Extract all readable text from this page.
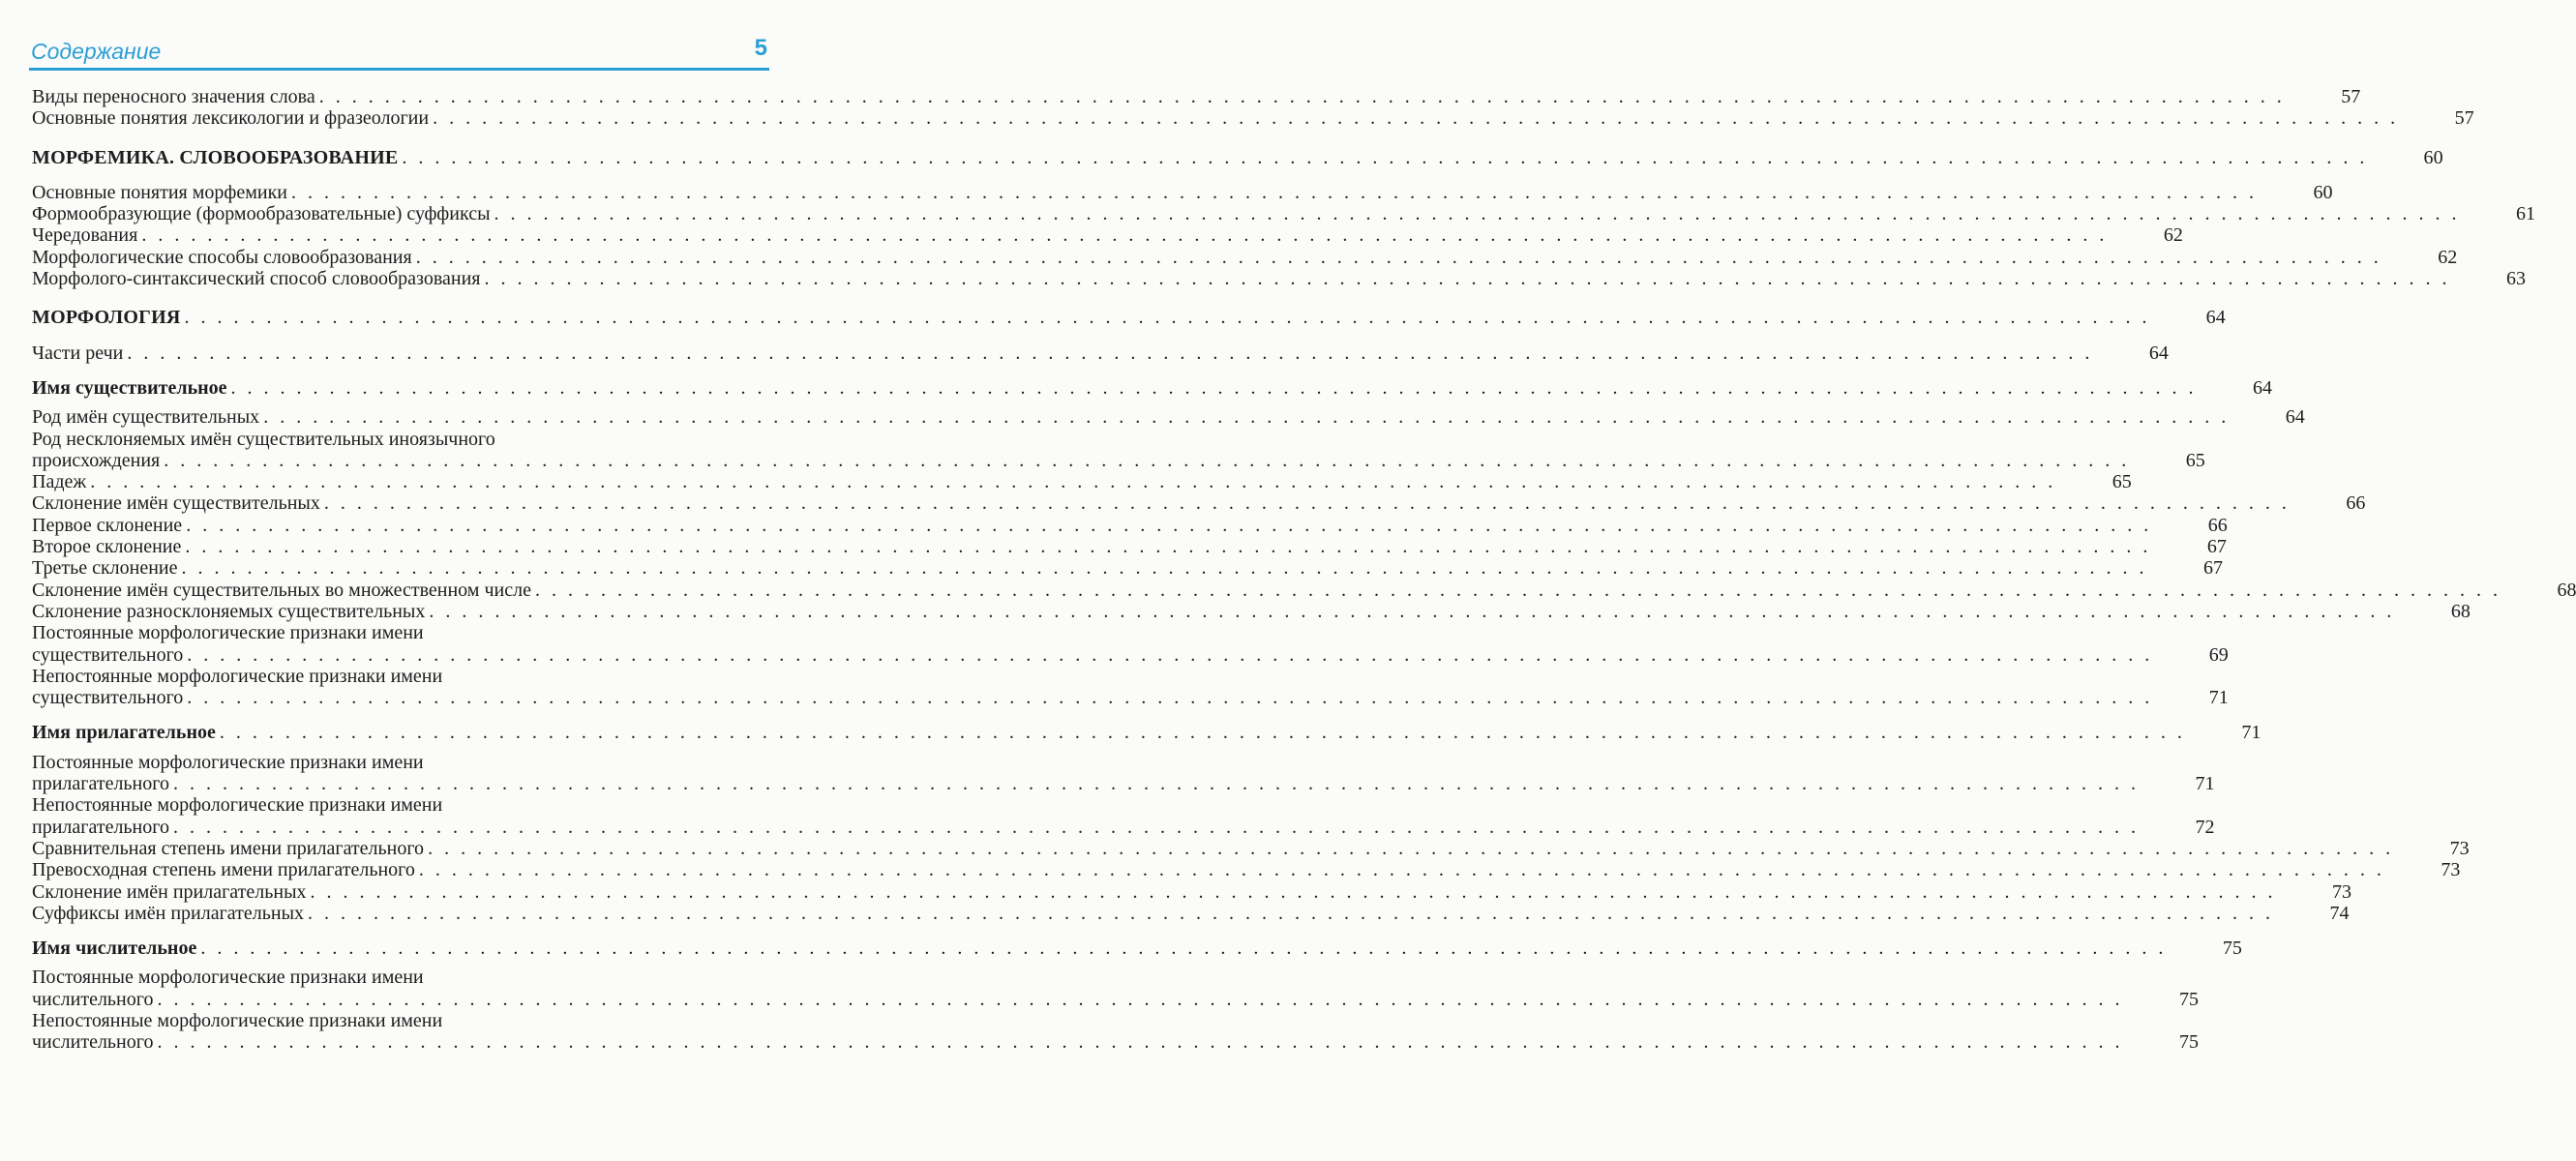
Содержание	5
Виды переносного значения слова . . . . . . . . . . . . . . . . . . . . . . . . . . . . . . . . . . . . . . . . . . . . . . . . . . . . . . . . . . . . . . . . . . . . . . . . . . . . . . . . . . . . . . . . . . . . . . . . . . . . . . . . . . . . . . . . . . . . . . . .	57
Основные понятия лексикологии и фразеологии . . . . . . . . . . . . . . . . . . . . . . . . . . . . . . . . . . . . . . . . . . . . . . . . . . . . . . . . . . . . . . . . . . . . . . . . . . . . . . . . . . . . . . . . . . . . . . . . . . . . . . . . . . . . . . . . . . . . . . . .	57
МОРФЕМИКА. СЛОВООБРАЗОВАНИЕ . . . . . . . . . . . . . . . . . . . . . . . . . . . . . . . . . . . . . . . . . . . . . . . . . . . . . . . . . . . . . . . . . . . . . . . . . . . . . . . . . . . . . . . . . . . . . . . . . . . . . . . . . . . . . . . . . . . . . . . .	60
Основные понятия морфемики . . . . . . . . . . . . . . . . . . . . . . . . . . . . . . . . . . . . . . . . . . . . . . . . . . . . . . . . . . . . . . . . . . . . . . . . . . . . . . . . . . . . . . . . . . . . . . . . . . . . . . . . . . . . . . . . . . . . . . . .	60
Формообразующие (формообразовательные) суффиксы . . . . . . . . . . . . . . . . . . . . . . . . . . . . . . . . . . . . . . . . . . . . . . . . . . . . . . . . . . . . . . . . . . . . . . . . . . . . . . . . . . . . . . . . . . . . . . . . . . . . . . . . . . . . . . . . . . . . . . . .	61
Чередования . . . . . . . . . . . . . . . . . . . . . . . . . . . . . . . . . . . . . . . . . . . . . . . . . . . . . . . . . . . . . . . . . . . . . . . . . . . . . . . . . . . . . . . . . . . . . . . . . . . . . . . . . . . . . . . . . . . . . . . .	62
Морфологические способы словообразования . . . . . . . . . . . . . . . . . . . . . . . . . . . . . . . . . . . . . . . . . . . . . . . . . . . . . . . . . . . . . . . . . . . . . . . . . . . . . . . . . . . . . . . . . . . . . . . . . . . . . . . . . . . . . . . . . . . . . . . .	62
Морфолого-синтаксический способ словообразования . . . . . . . . . . . . . . . . . . . . . . . . . . . . . . . . . . . . . . . . . . . . . . . . . . . . . . . . . . . . . . . . . . . . . . . . . . . . . . . . . . . . . . . . . . . . . . . . . . . . . . . . . . . . . . . . . . . . . . . .	63
МОРФОЛОГИЯ . . . . . . . . . . . . . . . . . . . . . . . . . . . . . . . . . . . . . . . . . . . . . . . . . . . . . . . . . . . . . . . . . . . . . . . . . . . . . . . . . . . . . . . . . . . . . . . . . . . . . . . . . . . . . . . . . . . . . . . .	64
Части речи . . . . . . . . . . . . . . . . . . . . . . . . . . . . . . . . . . . . . . . . . . . . . . . . . . . . . . . . . . . . . . . . . . . . . . . . . . . . . . . . . . . . . . . . . . . . . . . . . . . . . . . . . . . . . . . . . . . . . . . .	64
Имя существительное . . . . . . . . . . . . . . . . . . . . . . . . . . . . . . . . . . . . . . . . . . . . . . . . . . . . . . . . . . . . . . . . . . . . . . . . . . . . . . . . . . . . . . . . . . . . . . . . . . . . . . . . . . . . . . . . . . . . . . . .	64
Род имён существительных . . . . . . . . . . . . . . . . . . . . . . . . . . . . . . . . . . . . . . . . . . . . . . . . . . . . . . . . . . . . . . . . . . . . . . . . . . . . . . . . . . . . . . . . . . . . . . . . . . . . . . . . . . . . . . . . . . . . . . . .	64
Род несклоняемых имён существительных иноязычного
происхождения . . . . . . . . . . . . . . . . . . . . . . . . . . . . . . . . . . . . . . . . . . . . . . . . . . . . . . . . . . . . . . . . . . . . . . . . . . . . . . . . . . . . . . . . . . . . . . . . . . . . . . . . . . . . . . . . . . . . . . . .	65
Падеж . . . . . . . . . . . . . . . . . . . . . . . . . . . . . . . . . . . . . . . . . . . . . . . . . . . . . . . . . . . . . . . . . . . . . . . . . . . . . . . . . . . . . . . . . . . . . . . . . . . . . . . . . . . . . . . . . . . . . . . .	65
Склонение имён существительных . . . . . . . . . . . . . . . . . . . . . . . . . . . . . . . . . . . . . . . . . . . . . . . . . . . . . . . . . . . . . . . . . . . . . . . . . . . . . . . . . . . . . . . . . . . . . . . . . . . . . . . . . . . . . . . . . . . . . . . .	66
Первое склонение . . . . . . . . . . . . . . . . . . . . . . . . . . . . . . . . . . . . . . . . . . . . . . . . . . . . . . . . . . . . . . . . . . . . . . . . . . . . . . . . . . . . . . . . . . . . . . . . . . . . . . . . . . . . . . . . . . . . . . . .	66
Второе склонение . . . . . . . . . . . . . . . . . . . . . . . . . . . . . . . . . . . . . . . . . . . . . . . . . . . . . . . . . . . . . . . . . . . . . . . . . . . . . . . . . . . . . . . . . . . . . . . . . . . . . . . . . . . . . . . . . . . . . . . .	67
Третье склонение . . . . . . . . . . . . . . . . . . . . . . . . . . . . . . . . . . . . . . . . . . . . . . . . . . . . . . . . . . . . . . . . . . . . . . . . . . . . . . . . . . . . . . . . . . . . . . . . . . . . . . . . . . . . . . . . . . . . . . . .	67
Склонение имён существительных во множественном числе . . . . . . . . . . . . . . . . . . . . . . . . . . . . . . . . . . . . . . . . . . . . . . . . . . . . . . . . . . . . . . . . . . . . . . . . . . . . . . . . . . . . . . . . . . . . . . . . . . . . . . . . . . . . . . . . . . . . . . . .	68
Склонение разносклоняемых существительных . . . . . . . . . . . . . . . . . . . . . . . . . . . . . . . . . . . . . . . . . . . . . . . . . . . . . . . . . . . . . . . . . . . . . . . . . . . . . . . . . . . . . . . . . . . . . . . . . . . . . . . . . . . . . . . . . . . . . . . .	68
Постоянные морфологические признаки имени
существительного . . . . . . . . . . . . . . . . . . . . . . . . . . . . . . . . . . . . . . . . . . . . . . . . . . . . . . . . . . . . . . . . . . . . . . . . . . . . . . . . . . . . . . . . . . . . . . . . . . . . . . . . . . . . . . . . . . . . . . . .	69
Непостоянные морфологические признаки имени
существительного . . . . . . . . . . . . . . . . . . . . . . . . . . . . . . . . . . . . . . . . . . . . . . . . . . . . . . . . . . . . . . . . . . . . . . . . . . . . . . . . . . . . . . . . . . . . . . . . . . . . . . . . . . . . . . . . . . . . . . . .	71
Имя прилагательное . . . . . . . . . . . . . . . . . . . . . . . . . . . . . . . . . . . . . . . . . . . . . . . . . . . . . . . . . . . . . . . . . . . . . . . . . . . . . . . . . . . . . . . . . . . . . . . . . . . . . . . . . . . . . . . . . . . . . . . .	71
Постоянные морфологические признаки имени
прилагательного . . . . . . . . . . . . . . . . . . . . . . . . . . . . . . . . . . . . . . . . . . . . . . . . . . . . . . . . . . . . . . . . . . . . . . . . . . . . . . . . . . . . . . . . . . . . . . . . . . . . . . . . . . . . . . . . . . . . . . . .	71
Непостоянные морфологические признаки имени
прилагательного . . . . . . . . . . . . . . . . . . . . . . . . . . . . . . . . . . . . . . . . . . . . . . . . . . . . . . . . . . . . . . . . . . . . . . . . . . . . . . . . . . . . . . . . . . . . . . . . . . . . . . . . . . . . . . . . . . . . . . . .	72
Сравнительная степень имени прилагательного . . . . . . . . . . . . . . . . . . . . . . . . . . . . . . . . . . . . . . . . . . . . . . . . . . . . . . . . . . . . . . . . . . . . . . . . . . . . . . . . . . . . . . . . . . . . . . . . . . . . . . . . . . . . . . . . . . . . . . . .	73
Превосходная степень имени прилагательного . . . . . . . . . . . . . . . . . . . . . . . . . . . . . . . . . . . . . . . . . . . . . . . . . . . . . . . . . . . . . . . . . . . . . . . . . . . . . . . . . . . . . . . . . . . . . . . . . . . . . . . . . . . . . . . . . . . . . . . .	73
Склонение имён прилагательных . . . . . . . . . . . . . . . . . . . . . . . . . . . . . . . . . . . . . . . . . . . . . . . . . . . . . . . . . . . . . . . . . . . . . . . . . . . . . . . . . . . . . . . . . . . . . . . . . . . . . . . . . . . . . . . . . . . . . . . .	73
Суффиксы имён прилагательных . . . . . . . . . . . . . . . . . . . . . . . . . . . . . . . . . . . . . . . . . . . . . . . . . . . . . . . . . . . . . . . . . . . . . . . . . . . . . . . . . . . . . . . . . . . . . . . . . . . . . . . . . . . . . . . . . . . . . . . .	74
Имя числительное . . . . . . . . . . . . . . . . . . . . . . . . . . . . . . . . . . . . . . . . . . . . . . . . . . . . . . . . . . . . . . . . . . . . . . . . . . . . . . . . . . . . . . . . . . . . . . . . . . . . . . . . . . . . . . . . . . . . . . . .	75
Постоянные морфологические признаки имени
числительного . . . . . . . . . . . . . . . . . . . . . . . . . . . . . . . . . . . . . . . . . . . . . . . . . . . . . . . . . . . . . . . . . . . . . . . . . . . . . . . . . . . . . . . . . . . . . . . . . . . . . . . . . . . . . . . . . . . . . . . .	75
Непостоянные морфологические признаки имени
числительного . . . . . . . . . . . . . . . . . . . . . . . . . . . . . . . . . . . . . . . . . . . . . . . . . . . . . . . . . . . . . . . . . . . . . . . . . . . . . . . . . . . . . . . . . . . . . . . . . . . . . . . . . . . . . . . . . . . . . . . .	75
